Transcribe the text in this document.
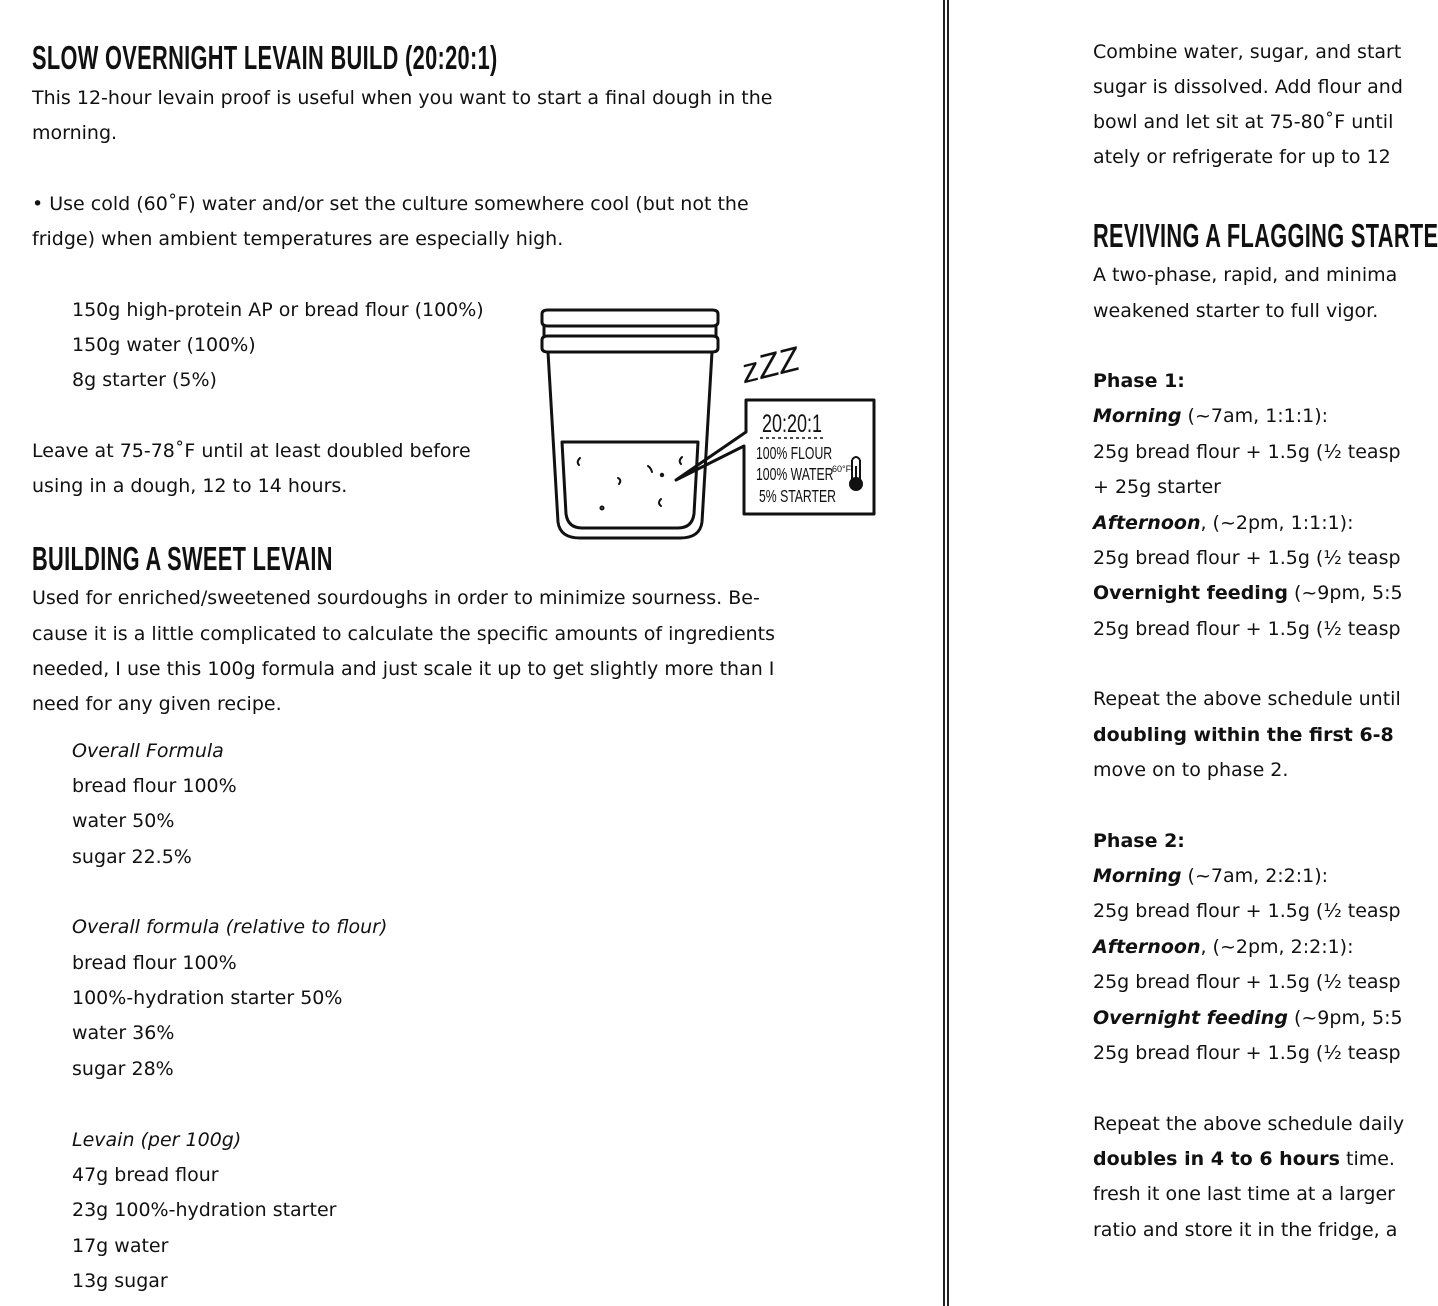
SLOW OVERNIGHT LEVAIN BUILD (20:20:1)
This 12-hour levain proof is useful when you want to start a final dough in the
morning.
• Use cold (60˚F) water and/or set the culture somewhere cool (but not the
fridge) when ambient temperatures are especially high.
150g high-protein AP or bread flour (100%)
150g water (100%)
8g starter (5%)
Leave at 75-78˚F until at least doubled before
using in a dough, 12 to 14 hours.
zZZ
20:20:1
100% FLOUR
100% WATER
5% STARTER
60°F
BUILDING A SWEET LEVAIN
Used for enriched/sweetened sourdoughs in order to minimize sourness. Be-
cause it is a little complicated to calculate the specific amounts of ingredients
needed, I use this 100g formula and just scale it up to get slightly more than I
need for any given recipe.
Overall Formula
bread flour 100%
water 50%
sugar 22.5%
Overall formula (relative to flour)
bread flour 100%
100%-hydration starter 50%
water 36%
sugar 28%
Levain (per 100g)
47g bread flour
23g 100%-hydration starter
17g water
13g sugar
Combine water, sugar, and start
sugar is dissolved. Add flour and
bowl and let sit at 75-80˚F until
ately or refrigerate for up to 12
REVIVING A FLAGGING STARTE
A two-phase, rapid, and minima
weakened starter to full vigor.
Phase 1:
Morning (~7am, 1:1:1):
25g bread flour + 1.5g (½ teasp
+ 25g starter
Afternoon, (~2pm, 1:1:1):
25g bread flour + 1.5g (½ teasp
Overnight feeding (~9pm, 5:5
25g bread flour + 1.5g (½ teasp
Repeat the above schedule until
doubling within the first 6-8
move on to phase 2.
Phase 2:
Morning (~7am, 2:2:1):
25g bread flour + 1.5g (½ teasp
Afternoon, (~2pm, 2:2:1):
25g bread flour + 1.5g (½ teasp
Overnight feeding (~9pm, 5:5
25g bread flour + 1.5g (½ teasp
Repeat the above schedule daily
doubles in 4 to 6 hours time.
fresh it one last time at a larger
ratio and store it in the fridge, a
